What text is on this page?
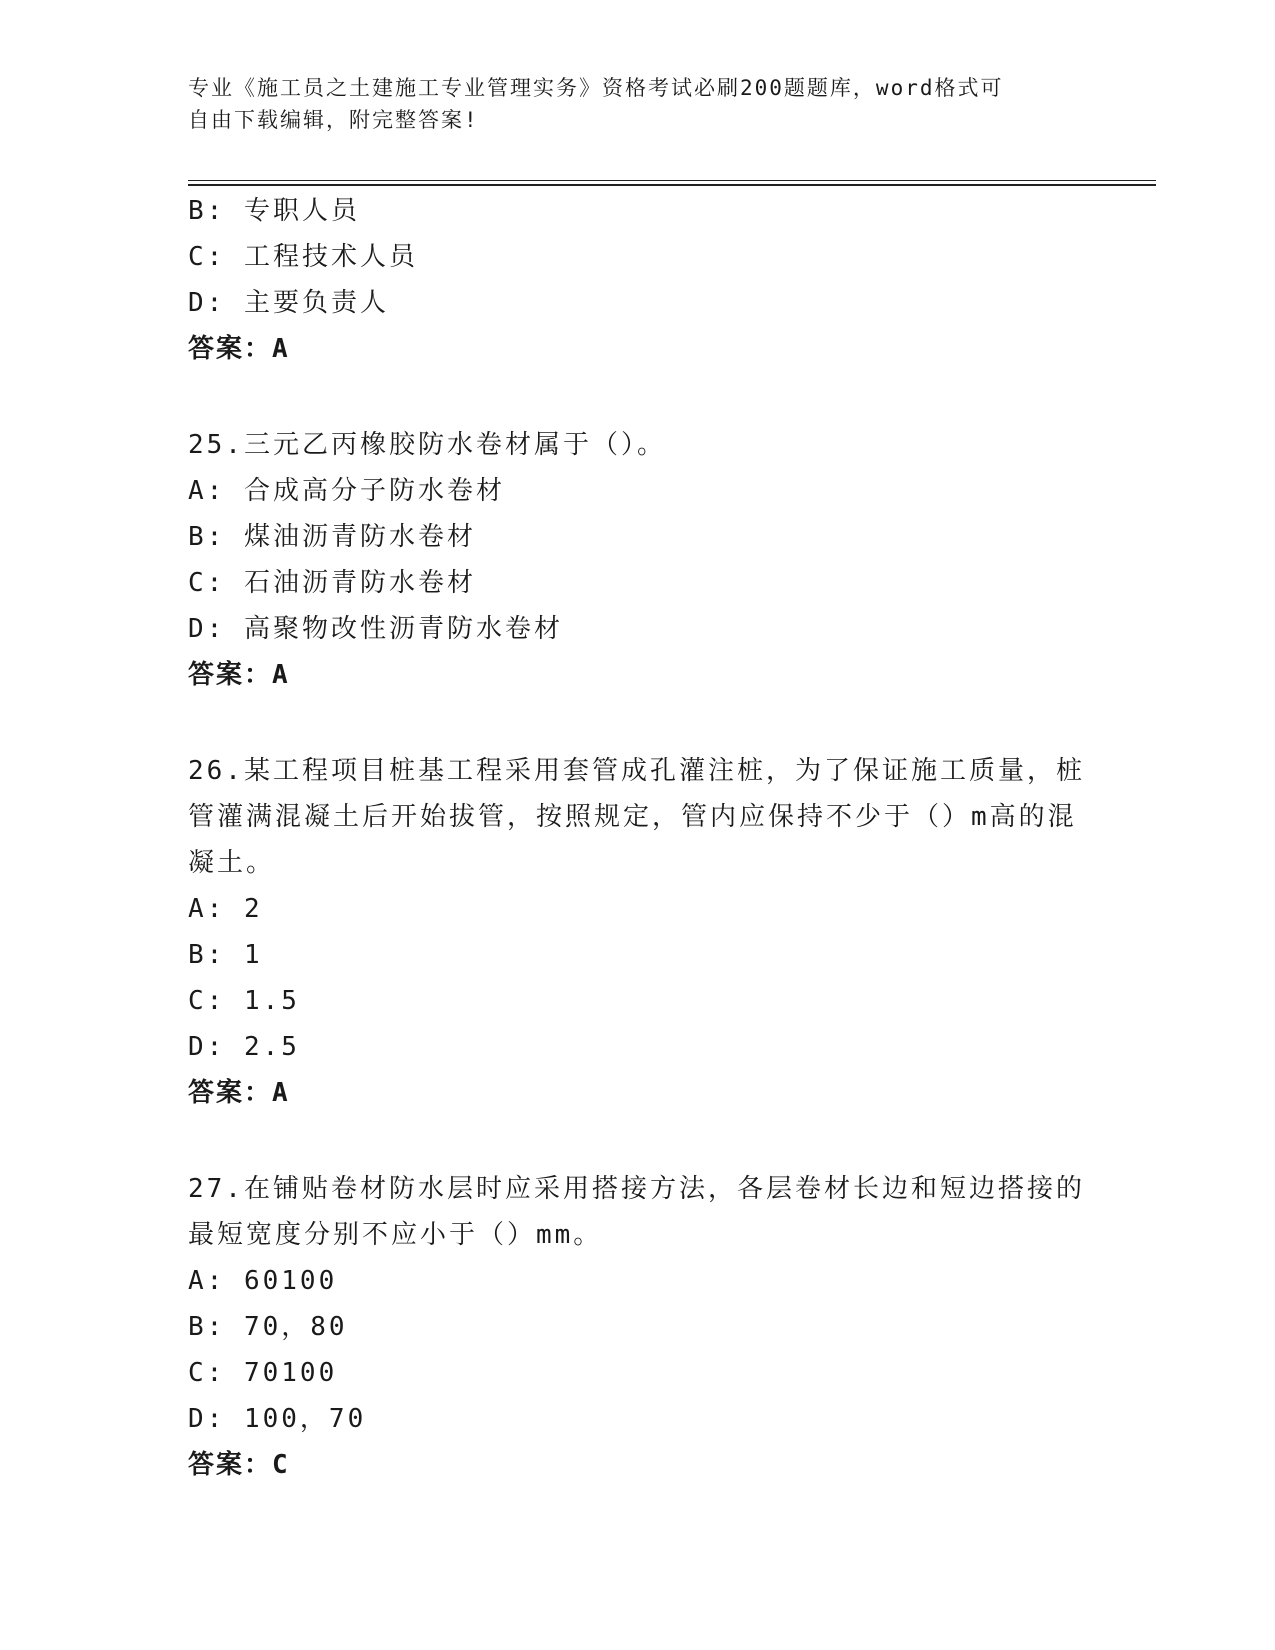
专业《施工员之土建施工专业管理实务》资格考试必刷200题题库，word格式可
自由下载编辑，附完整答案!
B: 专职人员
C: 工程技术人员
D: 主要负责人
答案：A
25.三元乙丙橡胶防水卷材属于（）。
A: 合成高分子防水卷材
B: 煤油沥青防水卷材
C: 石油沥青防水卷材
D: 高聚物改性沥青防水卷材
答案：A
26.某工程项目桩基工程采用套管成孔灌注桩，为了保证施工质量，桩
管灌满混凝土后开始拔管，按照规定，管内应保持不少于（）m高的混
凝土。
A: 2
B: 1
C: 1.5
D: 2.5
答案：A
27.在铺贴卷材防水层时应采用搭接方法，各层卷材长边和短边搭接的
最短宽度分别不应小于（）mm。
A: 60100
B: 70，80
C: 70100
D: 100，70
答案：C
